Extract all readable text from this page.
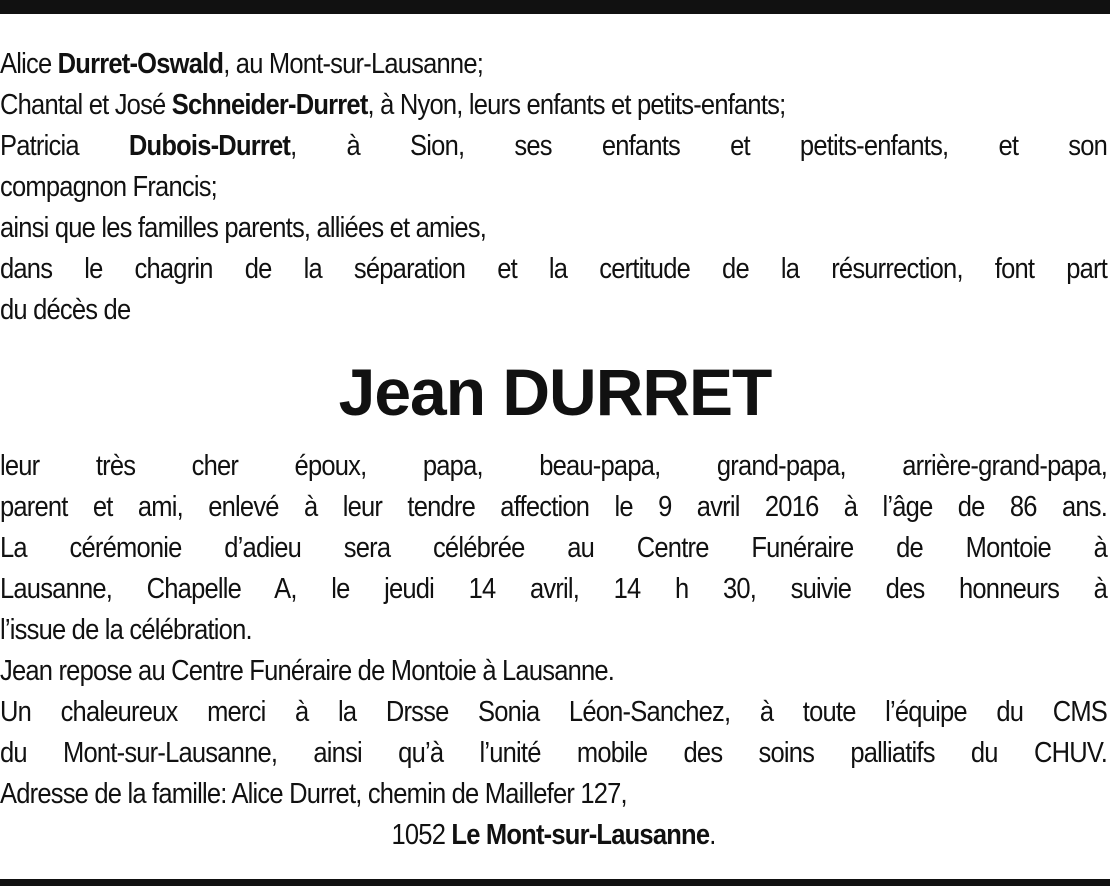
Alice Durret-Oswald, au Mont-sur-Lausanne;
Chantal et José Schneider-Durret, à Nyon, leurs enfants et petits-enfants;
Patricia Dubois-Durret, à Sion, ses enfants et petits-enfants, et son
compagnon Francis;
ainsi que les familles parents, alliées et amies,
dans le chagrin de la séparation et la certitude de la résurrection, font part
du décès de
Jean DURRET
leur très cher époux, papa, beau-papa, grand-papa, arrière-grand-papa,
parent et ami, enlevé à leur tendre affection le 9 avril 2016 à l’âge de 86 ans.
La cérémonie d’adieu sera célébrée au Centre Funéraire de Montoie à
Lausanne, Chapelle A, le jeudi 14 avril, 14 h 30, suivie des honneurs à
l’issue de la célébration.
Jean repose au Centre Funéraire de Montoie à Lausanne.
Un chaleureux merci à la Drsse Sonia Léon-Sanchez, à toute l’équipe du CMS
du Mont-sur-Lausanne, ainsi qu’à l’unité mobile des soins palliatifs du CHUV.
Adresse de la famille: Alice Durret, chemin de Maillefer 127,
1052 Le Mont-sur-Lausanne.
